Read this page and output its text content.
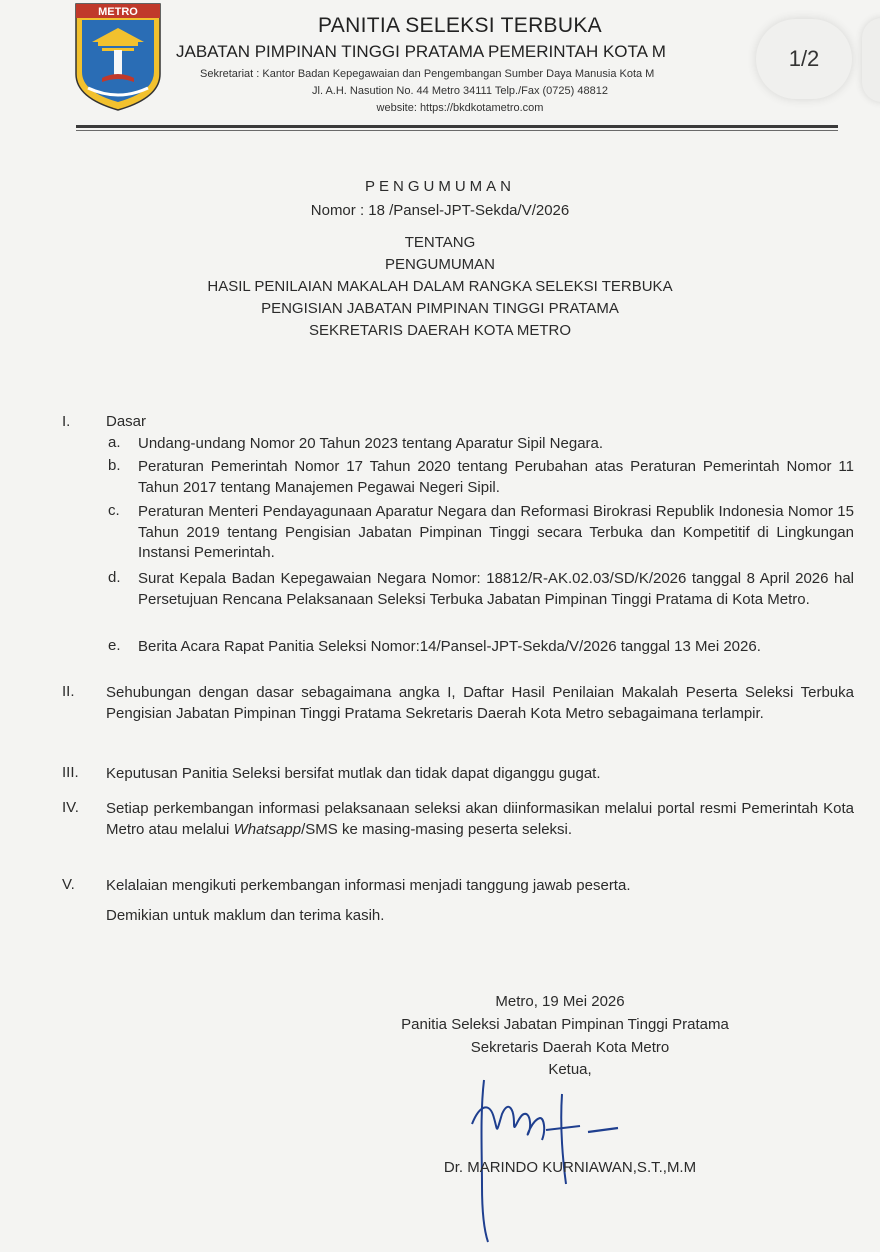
METRO
PANITIA SELEKSI TERBUKA
JABATAN PIMPINAN TINGGI PRATAMA PEMERINTAH KOTA M
Sekretariat : Kantor Badan Kepegawaian dan Pengembangan Sumber Daya Manusia Kota M
Jl. A.H. Nasution No. 44 Metro 34111 Telp./Fax (0725) 48812
website: https://bkdkotametro.com
1/2
PENGUMUMAN
Nomor : 18 /Pansel-JPT-Sekda/V/2026
TENTANG
PENGUMUMAN
HASIL PENILAIAN MAKALAH DALAM RANGKA SELEKSI TERBUKA
PENGISIAN JABATAN PIMPINAN TINGGI PRATAMA
SEKRETARIS DAERAH KOTA METRO
I. Dasar
a. Undang-undang Nomor 20 Tahun 2023 tentang Aparatur Sipil Negara.
b. Peraturan Pemerintah Nomor 17 Tahun 2020 tentang Perubahan atas Peraturan Pemerintah Nomor 11 Tahun 2017 tentang Manajemen Pegawai Negeri Sipil.
c. Peraturan Menteri Pendayagunaan Aparatur Negara dan Reformasi Birokrasi Republik Indonesia Nomor 15 Tahun 2019 tentang Pengisian Jabatan Pimpinan Tinggi secara Terbuka dan Kompetitif di Lingkungan Instansi Pemerintah.
d. Surat Kepala Badan Kepegawaian Negara Nomor: 18812/R-AK.02.03/SD/K/2026 tanggal 8 April 2026 hal Persetujuan Rencana Pelaksanaan Seleksi Terbuka Jabatan Pimpinan Tinggi Pratama di Kota Metro.
e. Berita Acara Rapat Panitia Seleksi Nomor:14/Pansel-JPT-Sekda/V/2026 tanggal 13 Mei 2026.
II. Sehubungan dengan dasar sebagaimana angka I, Daftar Hasil Penilaian Makalah Peserta Seleksi Terbuka Pengisian Jabatan Pimpinan Tinggi Pratama Sekretaris Daerah Kota Metro sebagaimana terlampir.
III. Keputusan Panitia Seleksi bersifat mutlak dan tidak dapat diganggu gugat.
IV. Setiap perkembangan informasi pelaksanaan seleksi akan diinformasikan melalui portal resmi Pemerintah Kota Metro atau melalui Whatsapp/SMS ke masing-masing peserta seleksi.
V. Kelalaian mengikuti perkembangan informasi menjadi tanggung jawab peserta.
Demikian untuk maklum dan terima kasih.
Metro, 19 Mei 2026
Panitia Seleksi Jabatan Pimpinan Tinggi Pratama
Sekretaris Daerah Kota Metro
Ketua,
Dr. MARINDO KURNIAWAN,S.T.,M.M
